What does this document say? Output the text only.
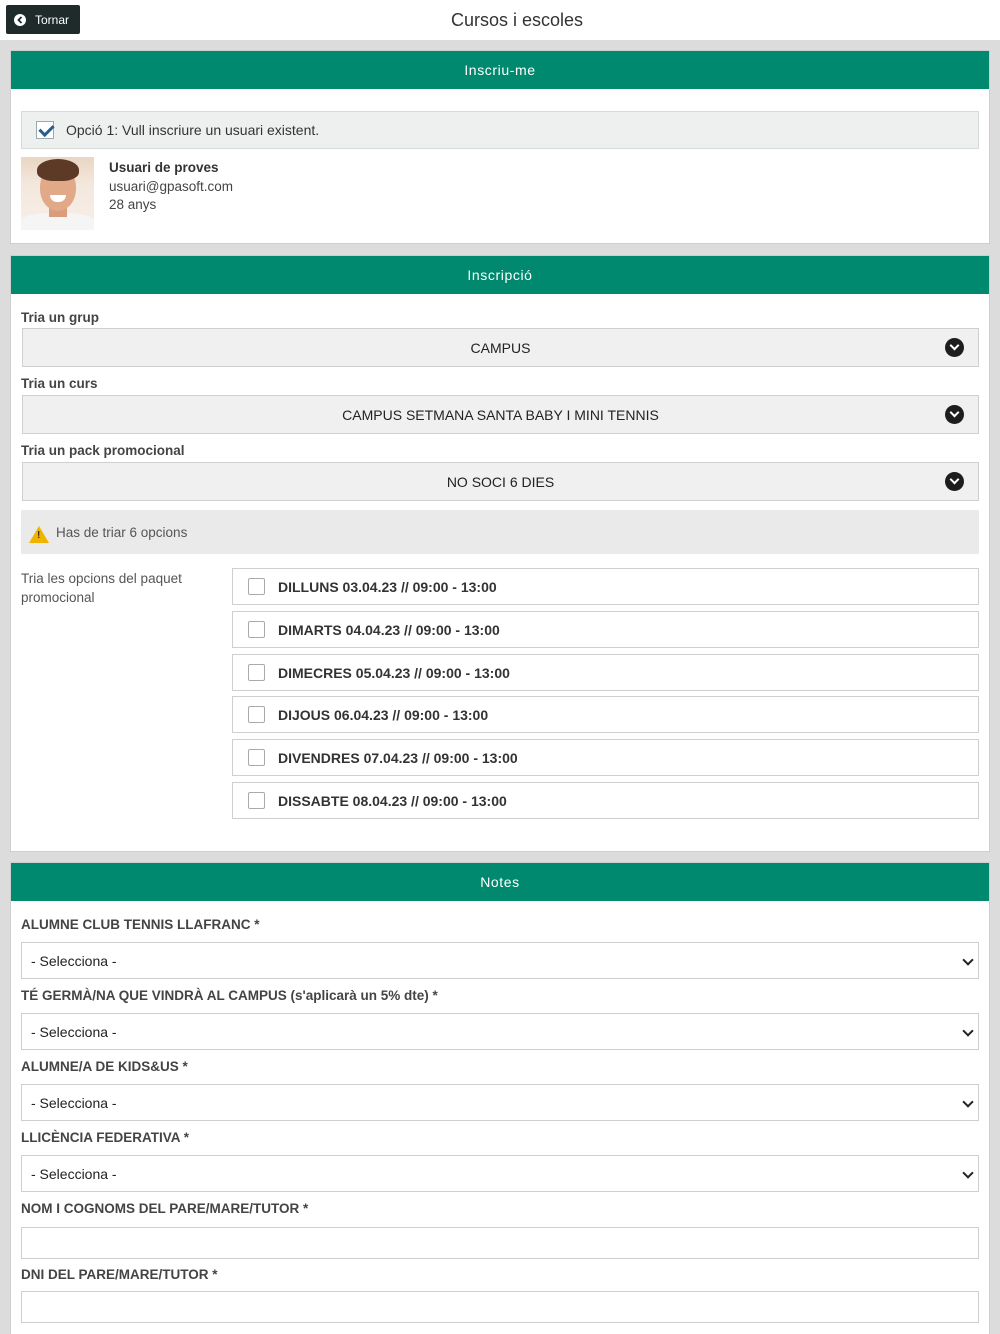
Tornar	Cursos i escoles
Inscriu-me
Opció 1: Vull inscriure un usuari existent.
Usuari de proves
usuari@gpasoft.com
28 anys
Inscripció
Tria un grup
CAMPUS
Tria un curs
CAMPUS SETMANA SANTA BABY I MINI TENNIS
Tria un pack promocional
NO SOCI 6 DIES
! Has de triar 6 opcions
Tria les opcions del paquet promocional
DILLUNS 03.04.23 // 09:00 - 13:00
DIMARTS 04.04.23 // 09:00 - 13:00
DIMECRES 05.04.23 // 09:00 - 13:00
DIJOUS 06.04.23 // 09:00 - 13:00
DIVENDRES 07.04.23 // 09:00 - 13:00
DISSABTE 08.04.23 // 09:00 - 13:00
Notes
ALUMNE CLUB TENNIS LLAFRANC *
- Selecciona -
TÉ GERMÀ/NA QUE VINDRÀ AL CAMPUS (s'aplicarà un 5% dte) *
- Selecciona -
ALUMNE/A DE KIDS&US *
- Selecciona -
LLICÈNCIA FEDERATIVA *
- Selecciona -
NOM I COGNOMS DEL PARE/MARE/TUTOR *
DNI DEL PARE/MARE/TUTOR *
